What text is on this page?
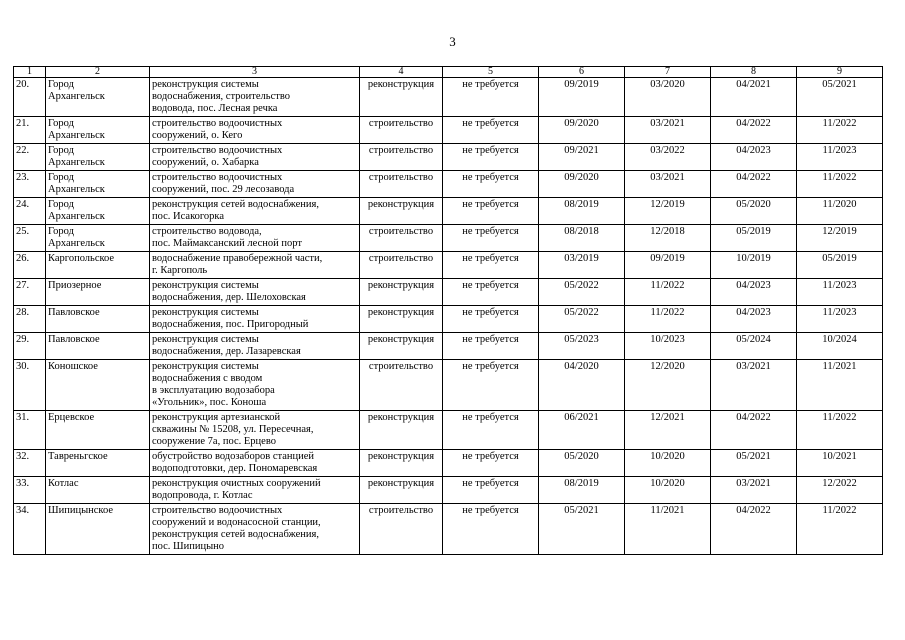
3
1	2	3	4	5	6	7	8	9
20.	Город
Архангельск	реконструкция системы
водоснабжения, строительство
водовода, пос. Лесная речка	реконструкция	не требуется	09/2019	03/2020	04/2021	05/2021
21.	Город
Архангельск	строительство водоочистных
сооружений, о. Кего	строительство	не требуется	09/2020	03/2021	04/2022	11/2022
22.	Город
Архангельск	строительство водоочистных
сооружений, о. Хабарка	строительство	не требуется	09/2021	03/2022	04/2023	11/2023
23.	Город
Архангельск	строительство водоочистных
сооружений, пос. 29 лесозавода	строительство	не требуется	09/2020	03/2021	04/2022	11/2022
24.	Город
Архангельск	реконструкция сетей водоснабжения,
пос. Исакогорка	реконструкция	не требуется	08/2019	12/2019	05/2020	11/2020
25.	Город
Архангельск	строительство водовода,
пос. Маймаксанский лесной порт	строительство	не требуется	08/2018	12/2018	05/2019	12/2019
26.	Каргопольское	водоснабжение правобережной части,
г. Каргополь	строительство	не требуется	03/2019	09/2019	10/2019	05/2019
27.	Приозерное	реконструкция системы
водоснабжения, дер. Шелоховская	реконструкция	не требуется	05/2022	11/2022	04/2023	11/2023
28.	Павловское	реконструкция системы
водоснабжения, пос. Пригородный	реконструкция	не требуется	05/2022	11/2022	04/2023	11/2023
29.	Павловское	реконструкция системы
водоснабжения, дер. Лазаревская	реконструкция	не требуется	05/2023	10/2023	05/2024	10/2024
30.	Коношское	реконструкция системы
водоснабжения с вводом
в эксплуатацию водозабора
«Угольник», пос. Коноша	строительство	не требуется	04/2020	12/2020	03/2021	11/2021
31.	Ерцевское	реконструкция артезианской
скважины № 15208, ул. Пересечная,
сооружение 7а, пос. Ерцево	реконструкция	не требуется	06/2021	12/2021	04/2022	11/2022
32.	Тавреньгское	обустройство водозаборов станцией
водоподготовки, дер. Пономаревская	реконструкция	не требуется	05/2020	10/2020	05/2021	10/2021
33.	Котлас	реконструкция очистных сооружений
водопровода, г. Котлас	реконструкция	не требуется	08/2019	10/2020	03/2021	12/2022
34.	Шипицынское	строительство водоочистных
сооружений и водонасосной станции,
реконструкция сетей водоснабжения,
пос. Шипицыно	строительство	не требуется	05/2021	11/2021	04/2022	11/2022
